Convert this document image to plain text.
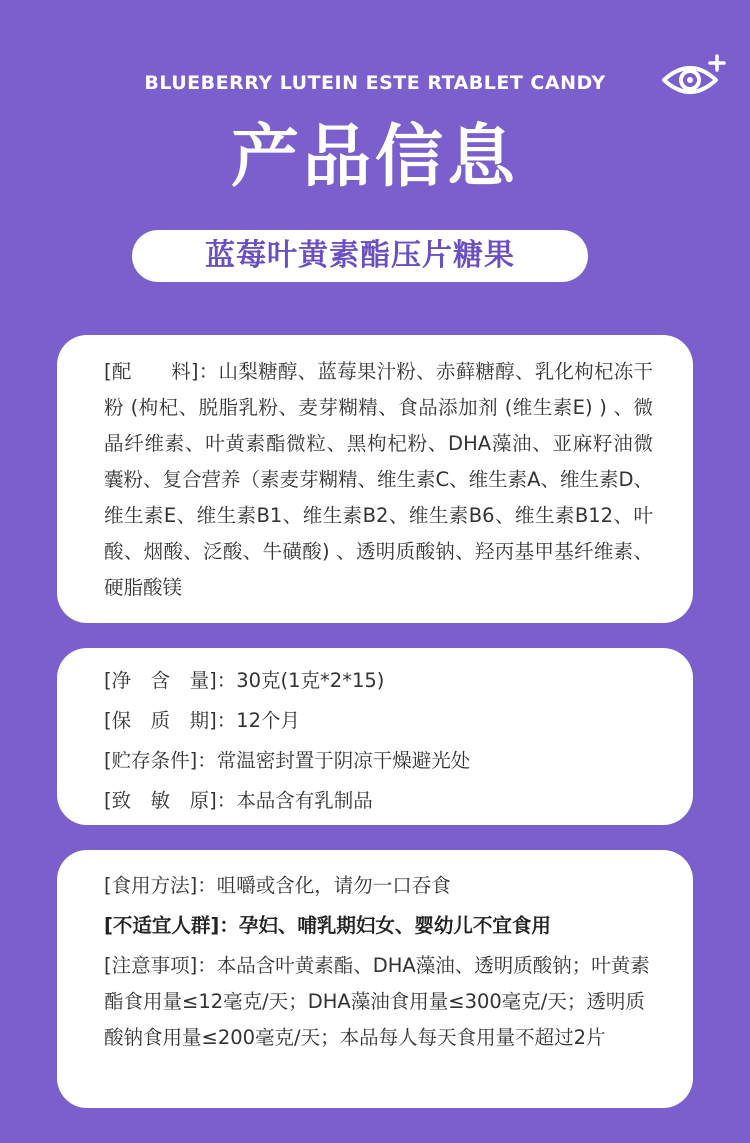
BLUEBERRY LUTEIN ESTE RTABLET CANDY
产品信息
蓝莓叶黄素酯压片糖果
[配　　料]：山梨糖醇、蓝莓果汁粉、赤藓糖醇、乳化枸杞冻干粉 (枸杞、脱脂乳粉、麦芽糊精、食品添加剂 (维生素E) ) 、微晶纤维素、叶黄素酯微粒、黑枸杞粉、DHA藻油、亚麻籽油微囊粉、复合营养（素麦芽糊精、维生素C、维生素A、维生素D、维生素E、维生素B1、维生素B2、维生素B6、维生素B12、叶酸、烟酸、泛酸、牛磺酸) 、透明质酸钠、羟丙基甲基纤维素、硬脂酸镁
[净　含　量]：30克(1克*2*15)
[保　质　期]：12个月
[贮存条件]：常温密封置于阴凉干燥避光处
[致　敏　原]：本品含有乳制品
[食用方法]：咀嚼或含化，请勿一口吞食
[不适宜人群]：孕妇、哺乳期妇女、婴幼儿不宜食用
[注意事项]：本品含叶黄素酯、DHA藻油、透明质酸钠；叶黄素酯食用量≤12毫克/天；DHA藻油食用量≤300毫克/天；透明质酸钠食用量≤200毫克/天；本品每人每天食用量不超过2片
